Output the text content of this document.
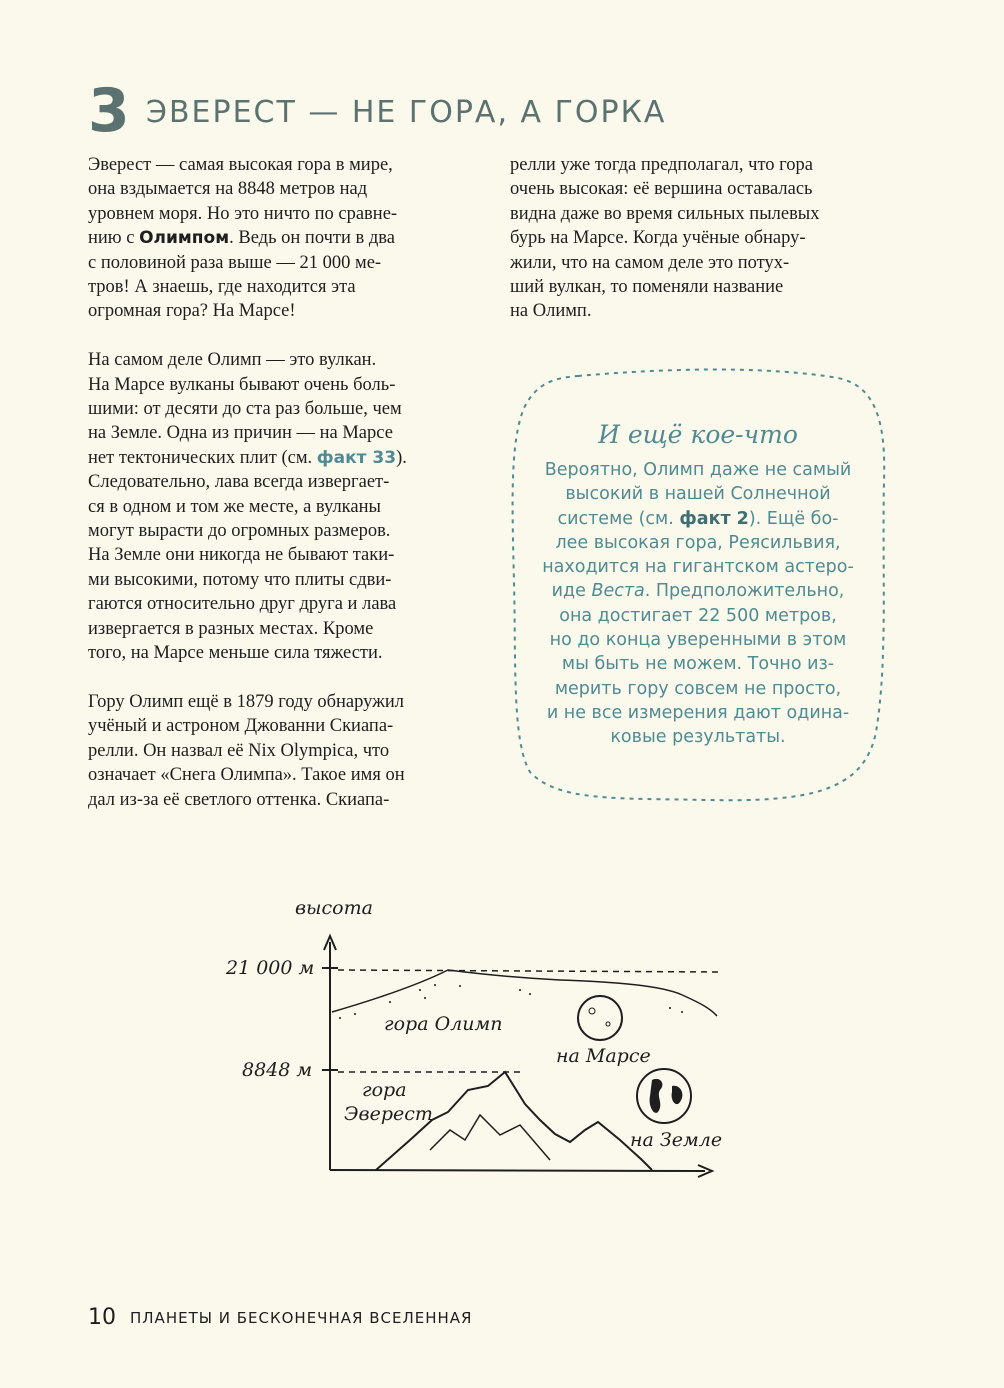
3 ЭВЕРЕСТ — НЕ ГОРА, А ГОРКА
Эверест — самая высокая гора в мире,
она вздымается на 8848 метров над
уровнем моря. Но это ничто по сравне-
нию с Олимпом. Ведь он почти в два
с половиной раза выше — 21 000 ме-
тров! А знаешь, где находится эта
огромная гора? На Марсе!
На самом деле Олимп — это вулкан.
На Марсе вулканы бывают очень боль-
шими: от десяти до ста раз больше, чем
на Земле. Одна из причин — на Марсе
нет тектонических плит (см. факт 33).
Следовательно, лава всегда извергает-
ся в одном и том же месте, а вулканы
могут вырасти до огромных размеров.
На Земле они никогда не бывают таки-
ми высокими, потому что плиты сдви-
гаются относительно друг друга и лава
извергается в разных местах. Кроме
того, на Марсе меньше сила тяжести.
Гору Олимп ещё в 1879 году обнаружил
учёный и астроном Джованни Скиапа-
релли. Он назвал её Nix Olympica, что
означает «Снега Олимпа». Такое имя он
дал из-за её светлого оттенка. Скиапа-
релли уже тогда предполагал, что гора
очень высокая: её вершина оставалась
видна даже во время сильных пылевых
бурь на Марсе. Когда учёные обнару-
жили, что на самом деле это потух-
ший вулкан, то поменяли название
на Олимп.
И ещё кое-что
Вероятно, Олимп даже не самый
высокий в нашей Солнечной
системе (см. факт 2). Ещё бо-
лее высокая гора, Реясильвия,
находится на гигантском астеро-
иде Веста. Предположительно,
она достигает 22 500 метров,
но до конца уверенными в этом
мы быть не можем. Точно из-
мерить гору совсем не просто,
и не все измерения дают одина-
ковые результаты.
высота
21 000 м
8848 м
гора Олимп
на Марсе
гора
Эверест
на Земле
10 ПЛАНЕТЫ И БЕСКОНЕЧНАЯ ВСЕЛЕННАЯ
